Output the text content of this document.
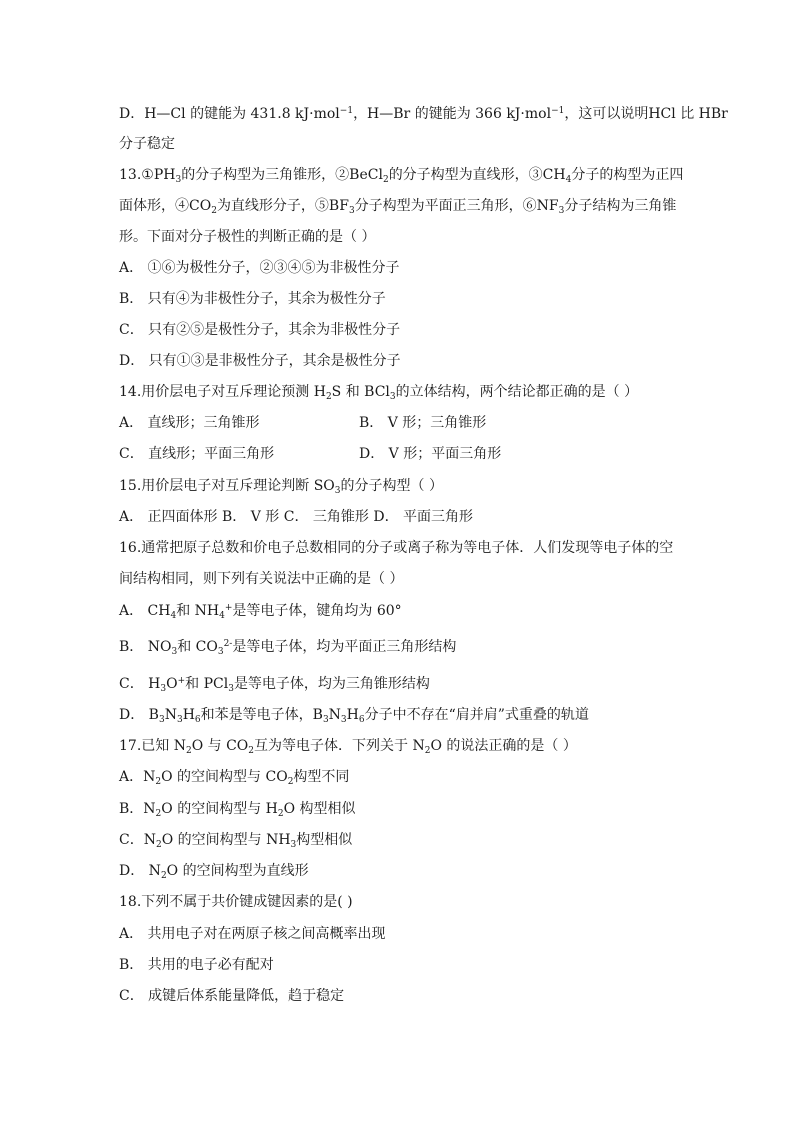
D．H—Cl 的键能为 431.8 kJ·mol$^{-1}$，H—Br 的键能为 366 kJ·mol$^{-1}$，这可以说明HCl 比 HBr
分子稳定
$13.①PH_3$的分子构型为三角锥形，②BeCl$_2$的分子构型为直线形，$③CH_4$分子的构型为正四
面体形，$④CO_2$为直线形分子，$⑤BF_3$分子构型为平面正三角形，$⑥NF_3$分子结构为三角锥
形。下面对分子极性的判断正确的是（ ）
A． ①⑥为极性分子，②③④⑤为非极性分子
B． 只有④为非极性分子，其余为极性分子
C． 只有②⑤是极性分子，其余为非极性分子
D． 只有①③是非极性分子，其余是极性分子
14.用价层电子对互斥理论预测 $H_2S$ 和 BCl$_3$的立体结构，两个结论都正确的是（ ）
A． 直线形；三角锥形	B． V 形；三角锥形
C． 直线形；平面三角形	D． V 形；平面三角形
15.用价层电子对互斥理论判断 $SO_3$的分子构型（ ）
A． 正四面体形 B． V 形 C． 三角锥形 D． 平面三角形
16.通常把原子总数和价电子总数相同的分子或离子称为等电子体．人们发现等电子体的空
间结构相同，则下列有关说法中正确的是（ ）
A． $CH_4$和 $NH_4^+$是等电子体，键角均为 60°
B． $NO_3$和 $CO_3^{2-}$是等电子体，均为平面正三角形结构
C． $H_3O^+$和 PCl$_3$是等电子体，均为三角锥形结构
D． $B_3N_3H_6$和苯是等电子体，$B_3N_3H_6$分子中不存在“肩并肩”式重叠的轨道
17.已知 $N_2O$ 与 $CO_2$互为等电子体．下列关于 $N_2O$ 的说法正确的是（ ）
A．$N_2O$ 的空间构型与 $CO_2$构型不同
B．$N_2O$ 的空间构型与 $H_2O$ 构型相似
C．$N_2O$ 的空间构型与 $NH_3$构型相似
D． $N_2O$ 的空间构型为直线形
18.下列不属于共价键成键因素的是( )
A． 共用电子对在两原子核之间高概率出现
B． 共用的电子必有配对
C． 成键后体系能量降低，趋于稳定
